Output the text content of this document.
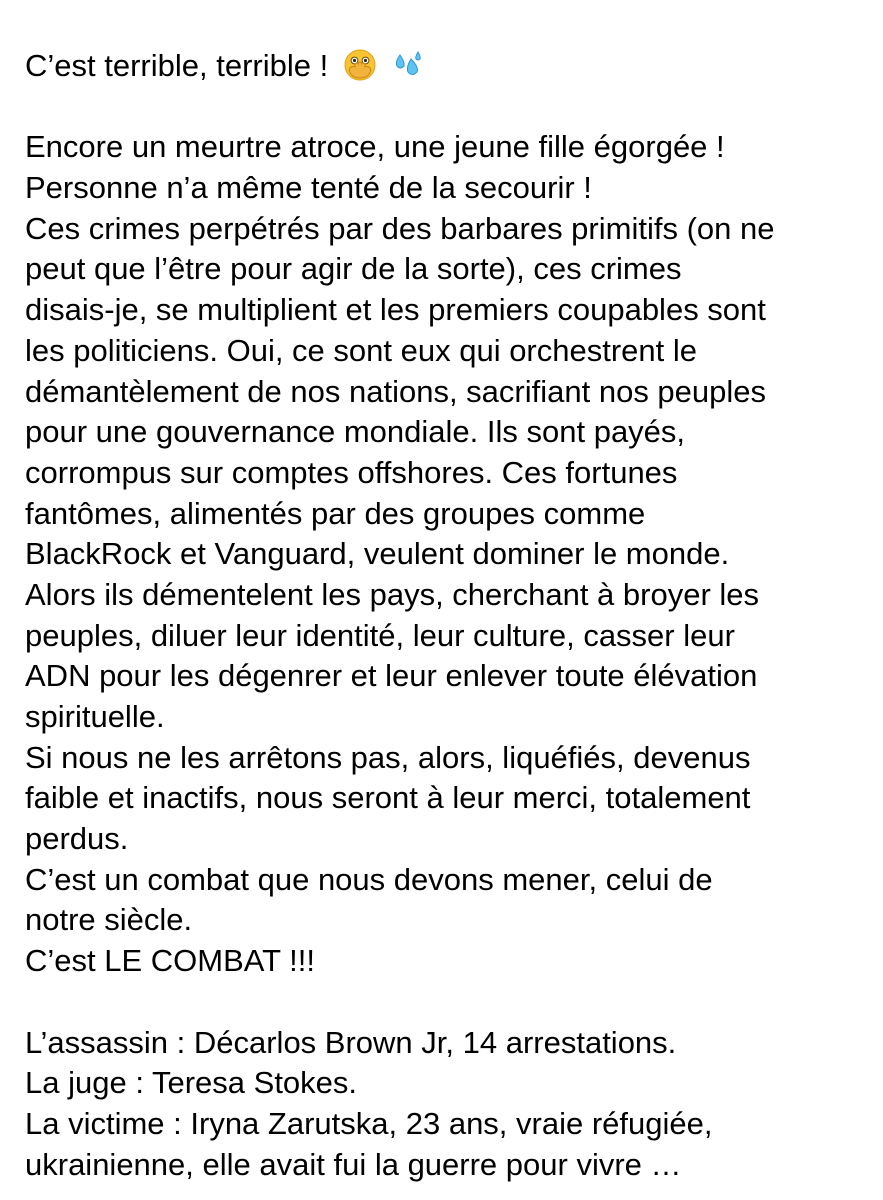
C’est terrible, terrible !
Encore un meurtre atroce, une jeune fille égorgée !
Personne n’a même tenté de la secourir !
Ces crimes perpétrés par des barbares primitifs (on ne
peut que l’être pour agir de la sorte), ces crimes
disais-je, se multiplient et les premiers coupables sont
les politiciens. Oui, ce sont eux qui orchestrent le
démantèlement de nos nations, sacrifiant nos peuples
pour une gouvernance mondiale. Ils sont payés,
corrompus sur comptes offshores. Ces fortunes
fantômes, alimentés par des groupes comme
BlackRock et Vanguard, veulent dominer le monde.
Alors ils démentelent les pays, cherchant à broyer les
peuples, diluer leur identité, leur culture, casser leur
ADN pour les dégenrer et leur enlever toute élévation
spirituelle.
Si nous ne les arrêtons pas, alors, liquéfiés, devenus
faible et inactifs, nous seront à leur merci, totalement
perdus.
C’est un combat que nous devons mener, celui de
notre siècle.
C’est LE COMBAT !!!
L’assassin : Décarlos Brown Jr, 14 arrestations.
La juge : Teresa Stokes.
La victime : Iryna Zarutska, 23 ans, vraie réfugiée,
ukrainienne, elle avait fui la guerre pour vivre …
